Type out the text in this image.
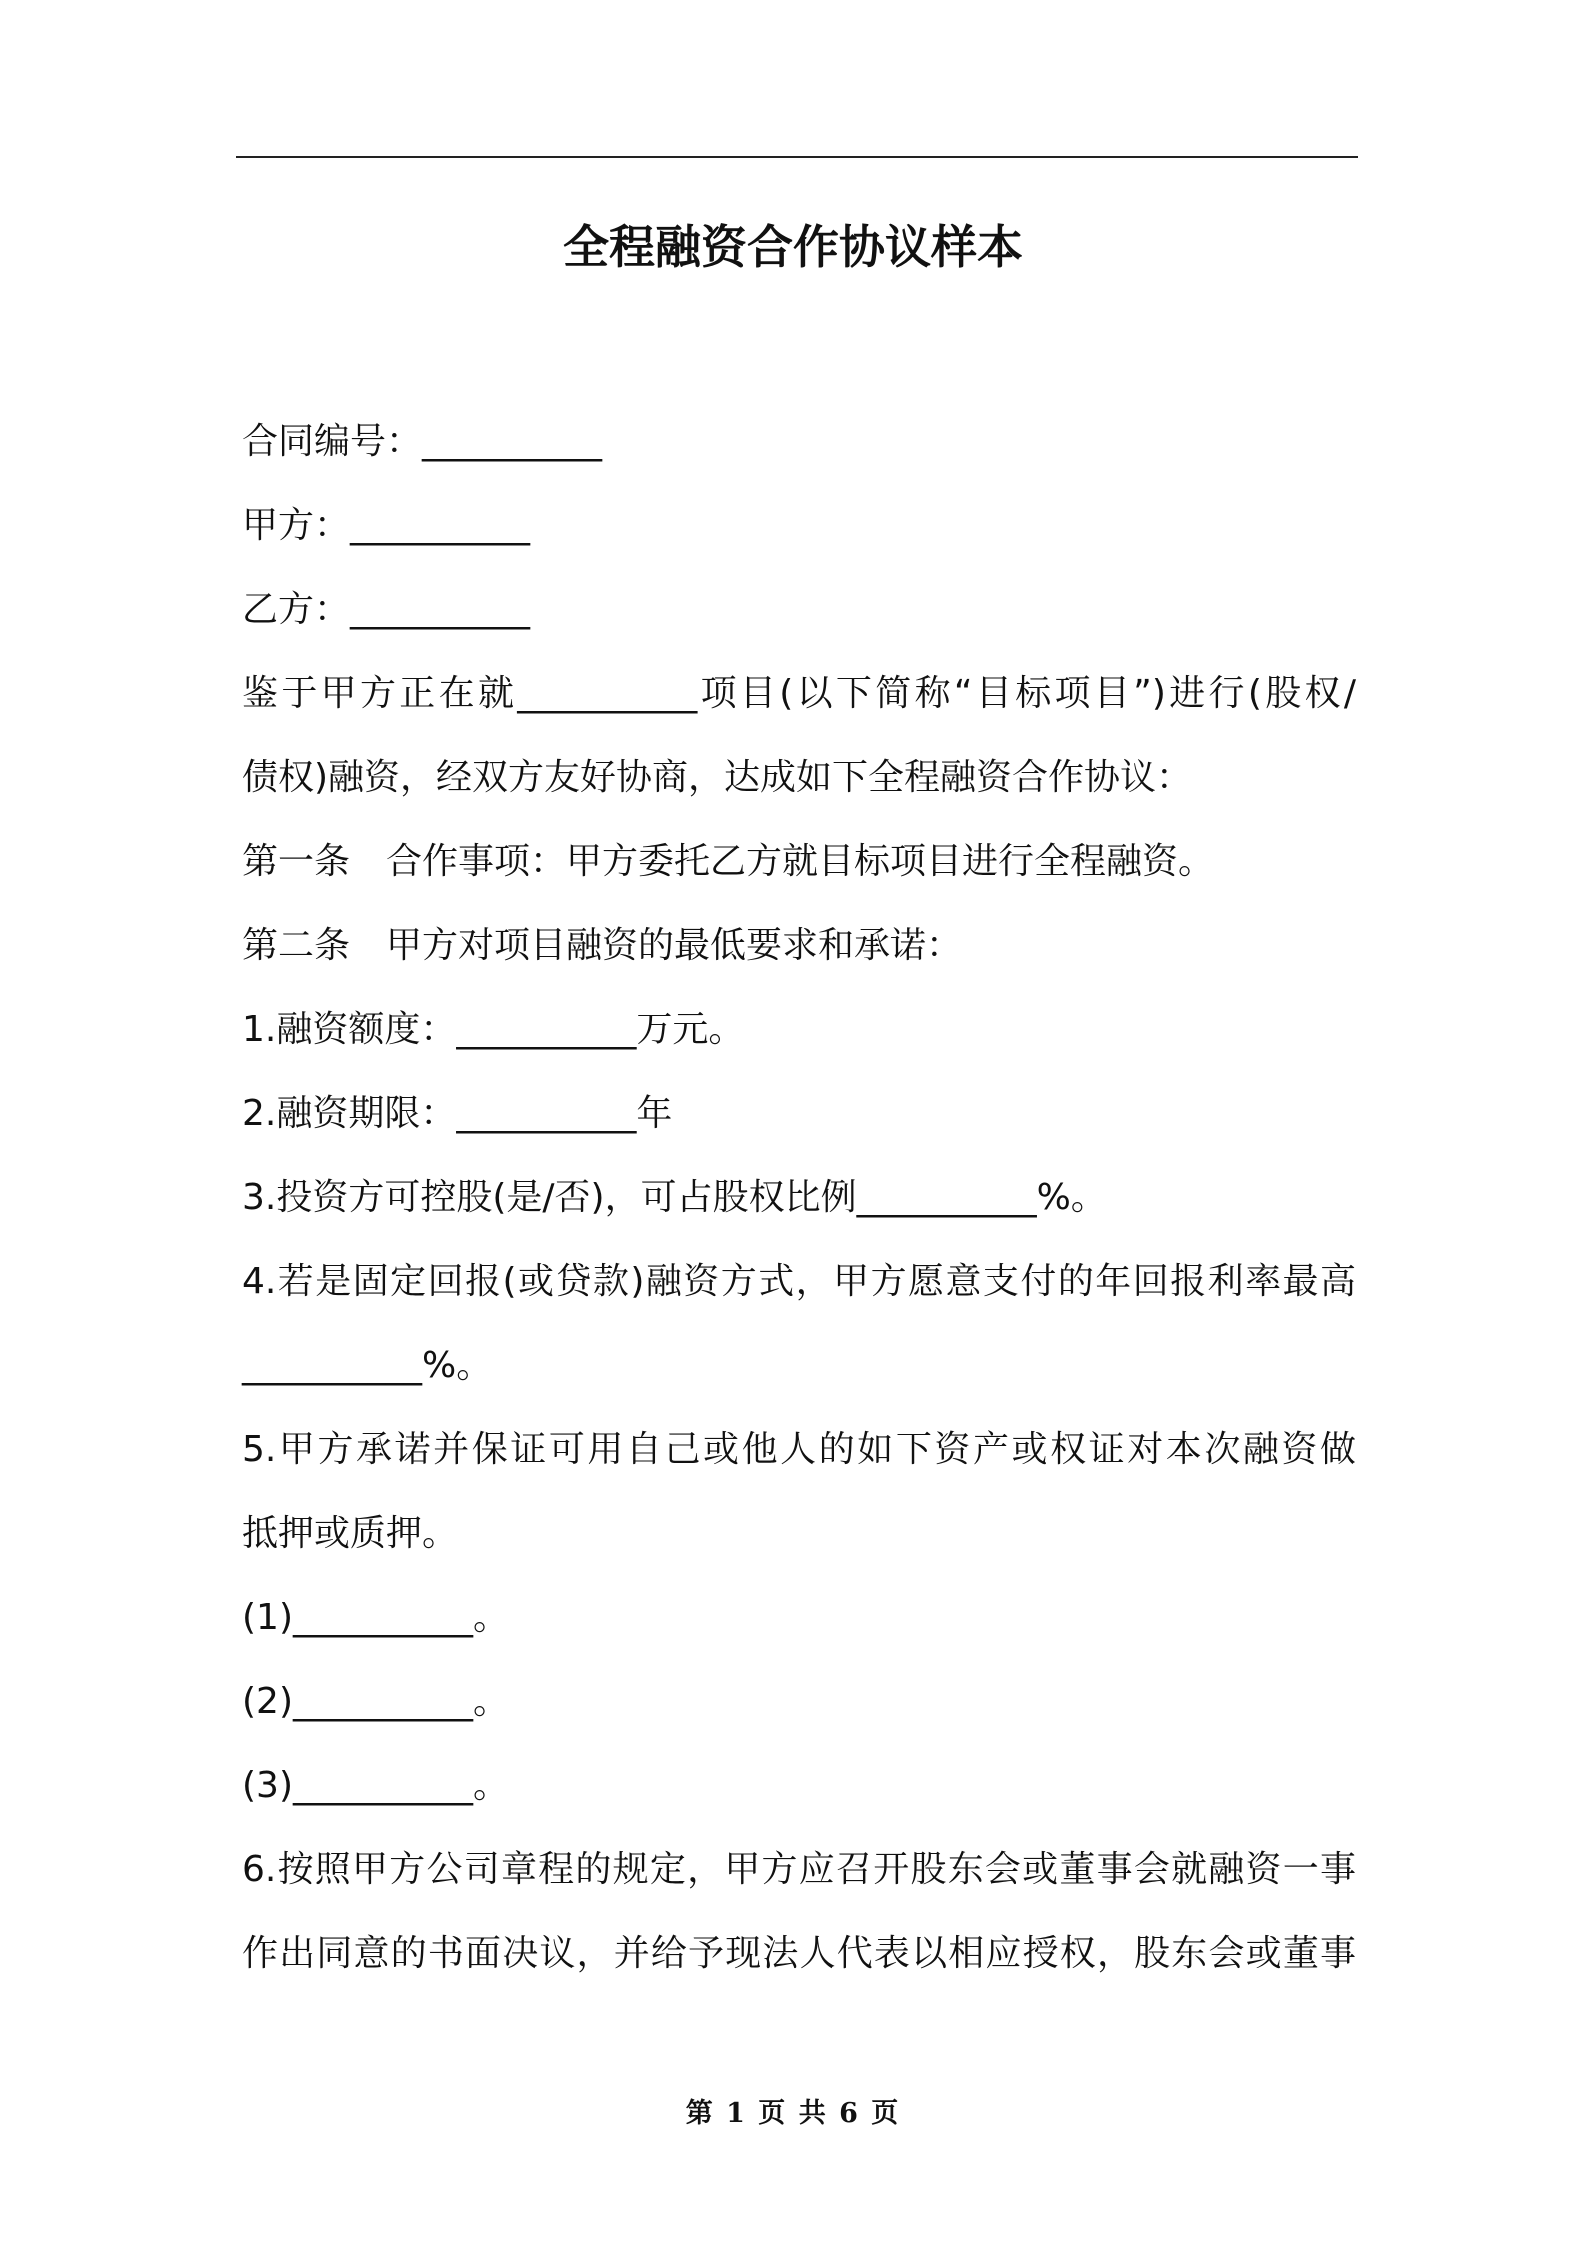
全程融资合作协议样本
合同编号：__________
甲方：__________
乙方：__________
鉴于甲方正在就__________项目(以下简称“目标项目”)进行(股权/
债权)融资，经双方友好协商，达成如下全程融资合作协议：
第一条　合作事项：甲方委托乙方就目标项目进行全程融资。
第二条　甲方对项目融资的最低要求和承诺：
1.融资额度：__________万元。
2.融资期限：__________年
3.投资方可控股(是/否)，可占股权比例__________%。
4.若是固定回报(或贷款)融资方式，甲方愿意支付的年回报利率最高
__________%。
5.甲方承诺并保证可用自己或他人的如下资产或权证对本次融资做
抵押或质押。
(1)__________。
(2)__________。
(3)__________。
6.按照甲方公司章程的规定，甲方应召开股东会或董事会就融资一事
作出同意的书面决议，并给予现法人代表以相应授权，股东会或董事
第 1 页 共 6 页
